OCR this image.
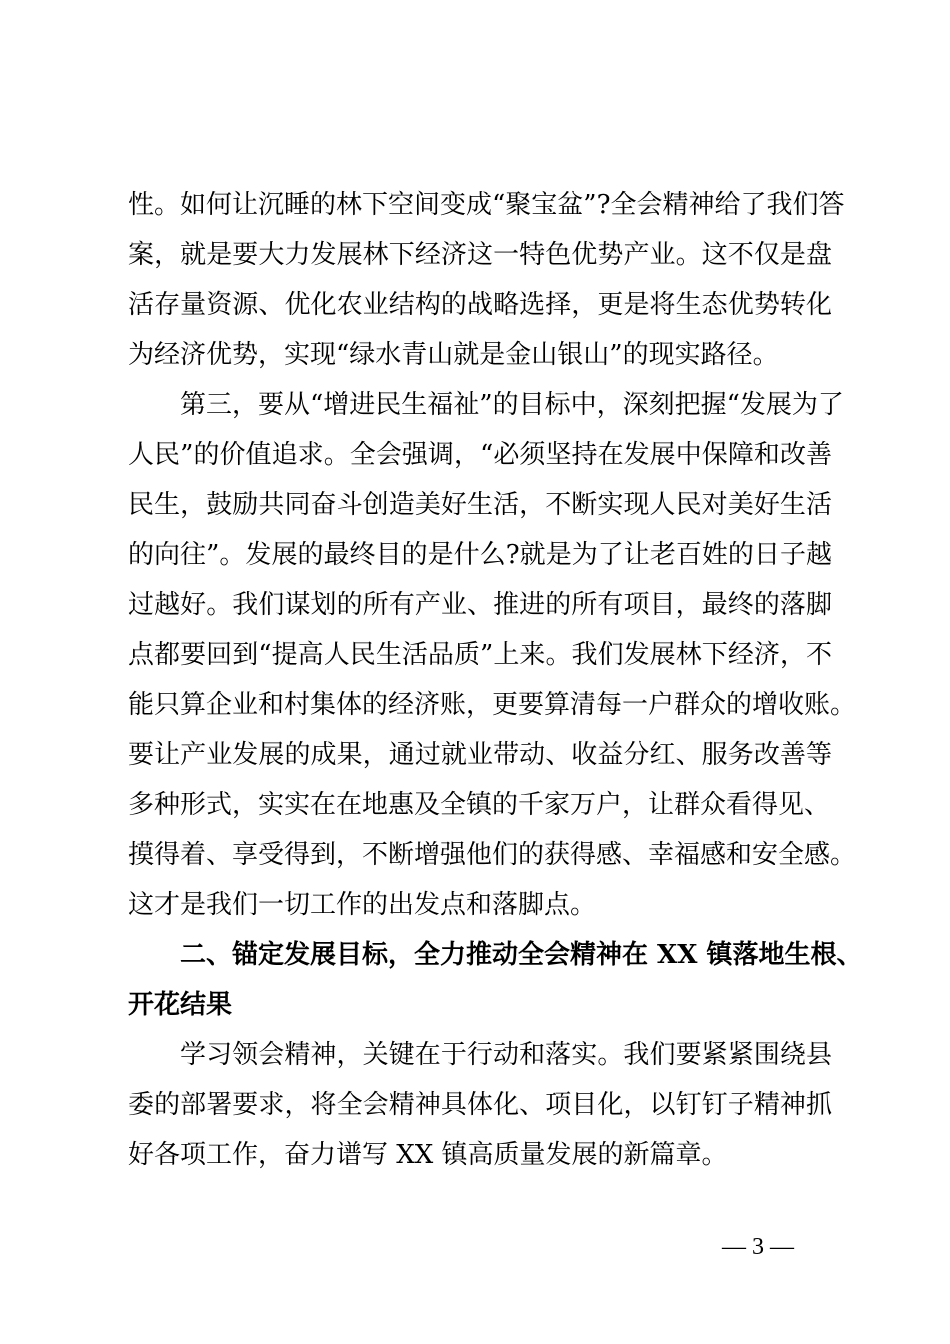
性。如何让沉睡的林下空间变成“聚宝盆”?全会精神给了我们答
案，就是要大力发展林下经济这一特色优势产业。这不仅是盘
活存量资源、优化农业结构的战略选择，更是将生态优势转化
为经济优势，实现“绿水青山就是金山银山”的现实路径。
第三，要从“增进民生福祉”的目标中，深刻把握“发展为了
人民”的价值追求。全会强调，“必须坚持在发展中保障和改善
民生，鼓励共同奋斗创造美好生活，不断实现人民对美好生活
的向往”。发展的最终目的是什么?就是为了让老百姓的日子越
过越好。我们谋划的所有产业、推进的所有项目，最终的落脚
点都要回到“提高人民生活品质”上来。我们发展林下经济，不
能只算企业和村集体的经济账，更要算清每一户群众的增收账。
要让产业发展的成果，通过就业带动、收益分红、服务改善等
多种形式，实实在在地惠及全镇的千家万户，让群众看得见、
摸得着、享受得到，不断增强他们的获得感、幸福感和安全感。
这才是我们一切工作的出发点和落脚点。
二、锚定发展目标，全力推动全会精神在 XX 镇落地生根、
开花结果
学习领会精神，关键在于行动和落实。我们要紧紧围绕县
委的部署要求，将全会精神具体化、项目化，以钉钉子精神抓
好各项工作，奋力谱写 XX 镇高质量发展的新篇章。
— 3 —
